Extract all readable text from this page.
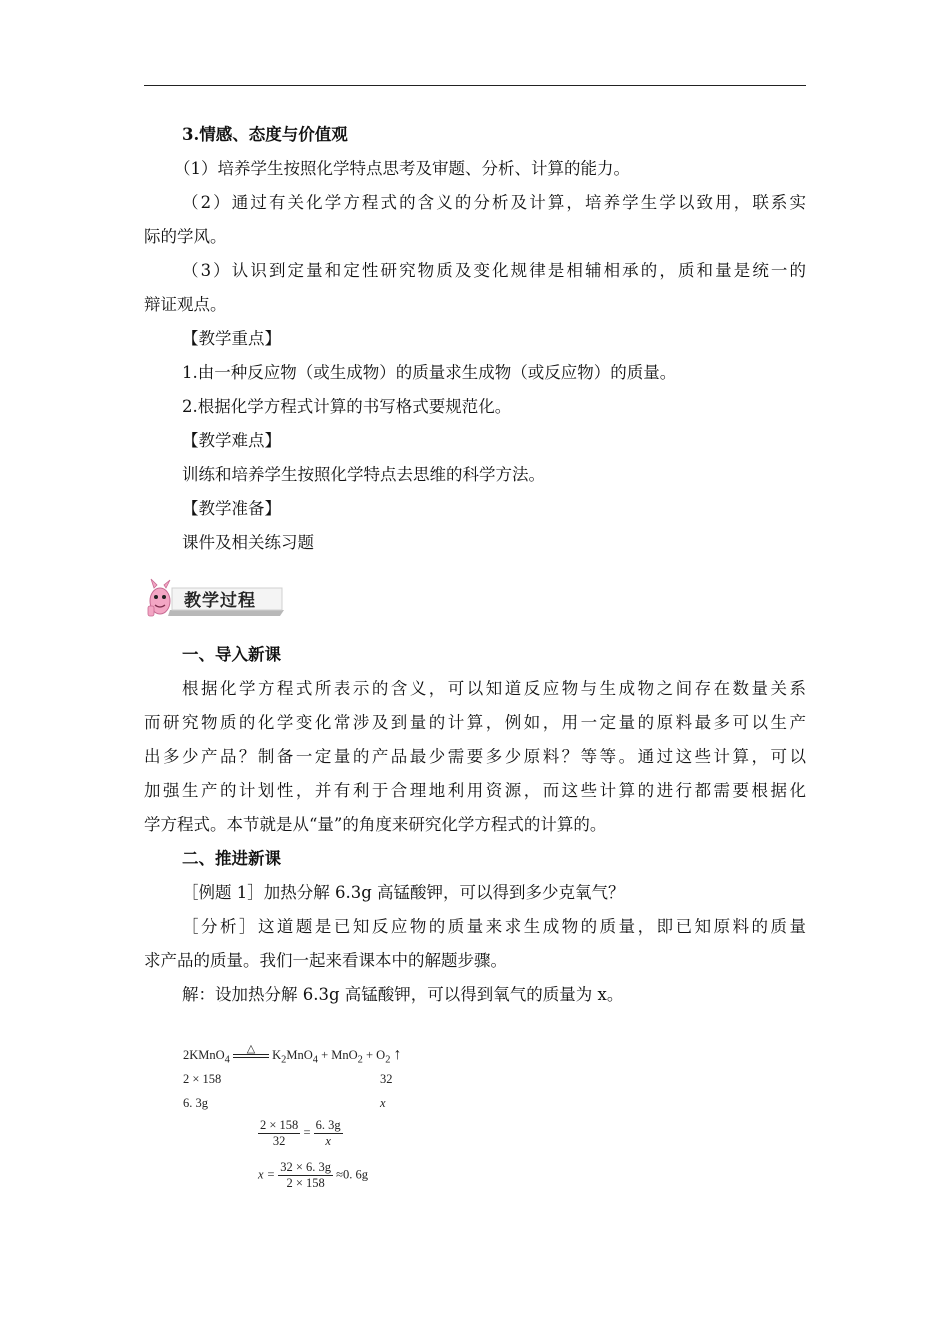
3.情感、态度与价值观
（1）培养学生按照化学特点思考及审题、分析、计算的能力。
（2）通过有关化学方程式的含义的分析及计算，培养学生学以致用，联系实
际的学风。
（3）认识到定量和定性研究物质及变化规律是相辅相承的，质和量是统一的
辩证观点。
【教学重点】
1.由一种反应物（或生成物）的质量求生成物（或反应物）的质量。
2.根据化学方程式计算的书写格式要规范化。
【教学难点】
训练和培养学生按照化学特点去思维的科学方法。
【教学准备】
课件及相关练习题
教学过程
一、导入新课
根据化学方程式所表示的含义，可以知道反应物与生成物之间存在数量关系
而研究物质的化学变化常涉及到量的计算，例如，用一定量的原料最多可以生产
出多少产品？制备一定量的产品最少需要多少原料？等等。通过这些计算，可以
加强生产的计划性，并有利于合理地利用资源，而这些计算的进行都需要根据化
学方程式。本节就是从“量”的角度来研究化学方程式的计算的。
二、推进新课
［例题 1］加热分解 6.3g 高锰酸钾，可以得到多少克氧气？
［分析］这道题是已知反应物的质量来求生成物的质量，即已知原料的质量
求产品的质量。我们一起来看课本中的解题步骤。
解：设加热分解 6.3g 高锰酸钾，可以得到氧气的质量为 x。
2KMnO$_4$
△	$K_2MnO_4 + MnO_2 + O_2$ ↑
2 × 158	32
6. 3g	x
$\frac{2 \times 158}{32} = \frac{6. 3g}{x}$
$x = \frac{32 \times 6. 3g}{2 \times 158} \approx 0$. 6g
